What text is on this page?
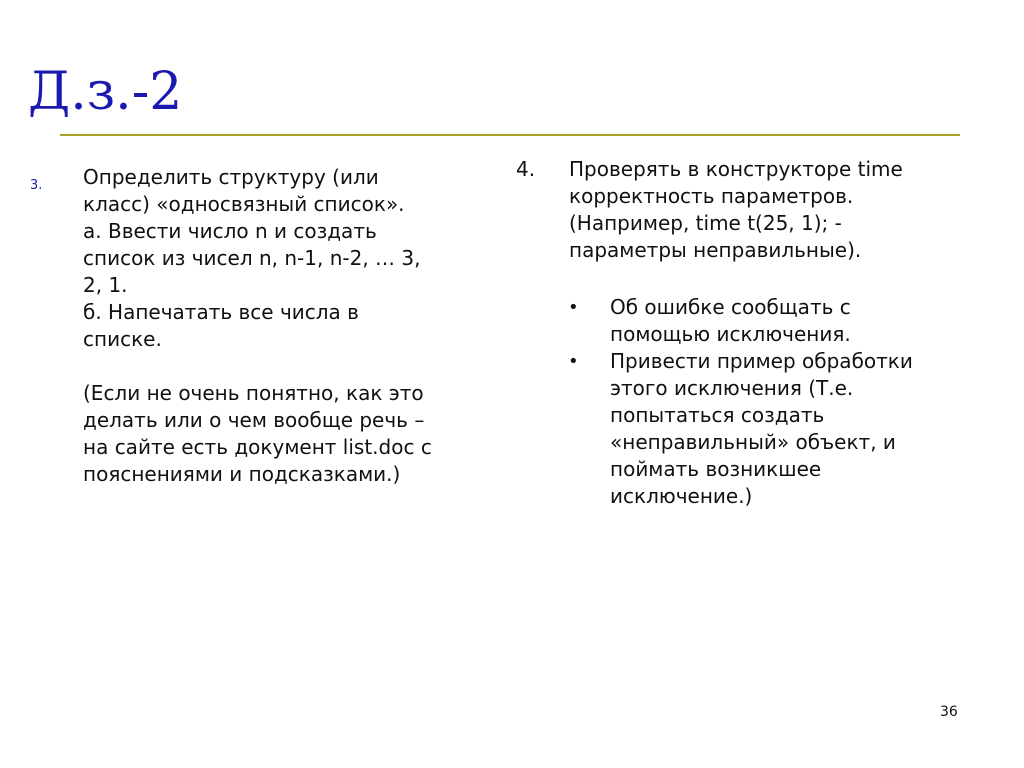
Д.з.-2
3. Определить структуру (или
класс) «односвязный список».
а. Ввести число n и создать
список из чисел n, n-1, n-2, … 3,
2, 1.
б. Напечатать все числа в
списке.
(Если не очень понятно, как это
делать или о чем вообще речь –
на сайте есть документ list.doc с
пояснениями и подсказками.)
4. Проверять в конструкторе time
корректность параметров.
(Например, time t(25, 1); -
параметры неправильные).
• Об ошибке сообщать с
помощью исключения.
• Привести пример обработки
этого исключения (Т.е.
попытаться создать
«неправильный» объект, и
поймать возникшее
исключение.)
36
